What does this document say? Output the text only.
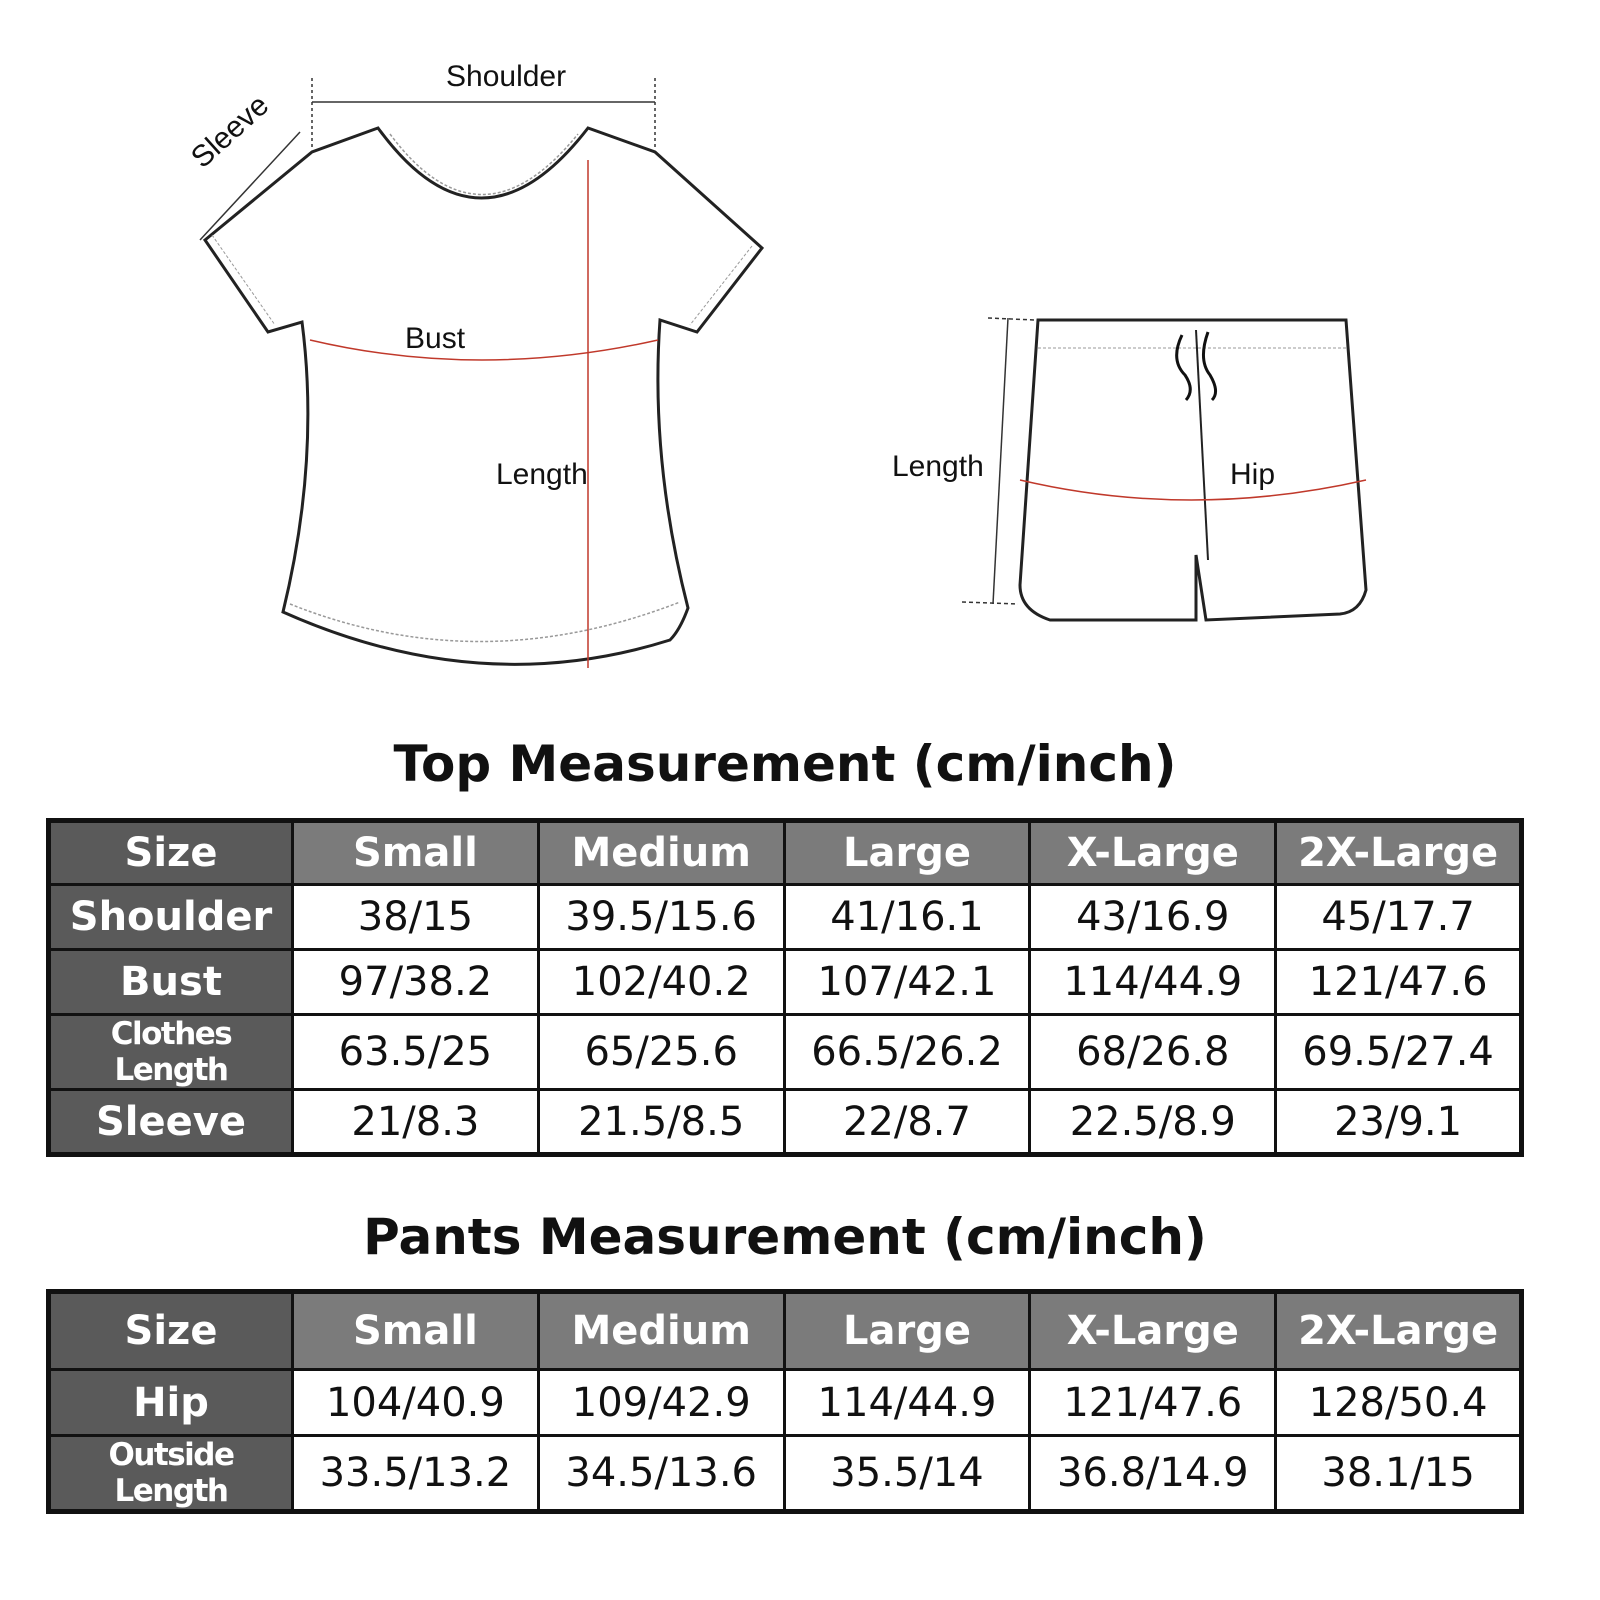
Shoulder
Sleeve
Bust
Length	Length	Hip
Top Measurement (cm/inch)
Size	Small	Medium	Large	X-Large	2X-Large
Shoulder	38/15	39.5/15.6	41/16.1	43/16.9	45/17.7
Bust	97/38.2	102/40.2	107/42.1	114/44.9	121/47.6
Clothes Length	63.5/25	65/25.6	66.5/26.2	68/26.8	69.5/27.4
Sleeve	21/8.3	21.5/8.5	22/8.7	22.5/8.9	23/9.1
Pants Measurement (cm/inch)
Size	Small	Medium	Large	X-Large	2X-Large
Hip	104/40.9	109/42.9	114/44.9	121/47.6	128/50.4
Outside Length	33.5/13.2	34.5/13.6	35.5/14	36.8/14.9	38.1/15
